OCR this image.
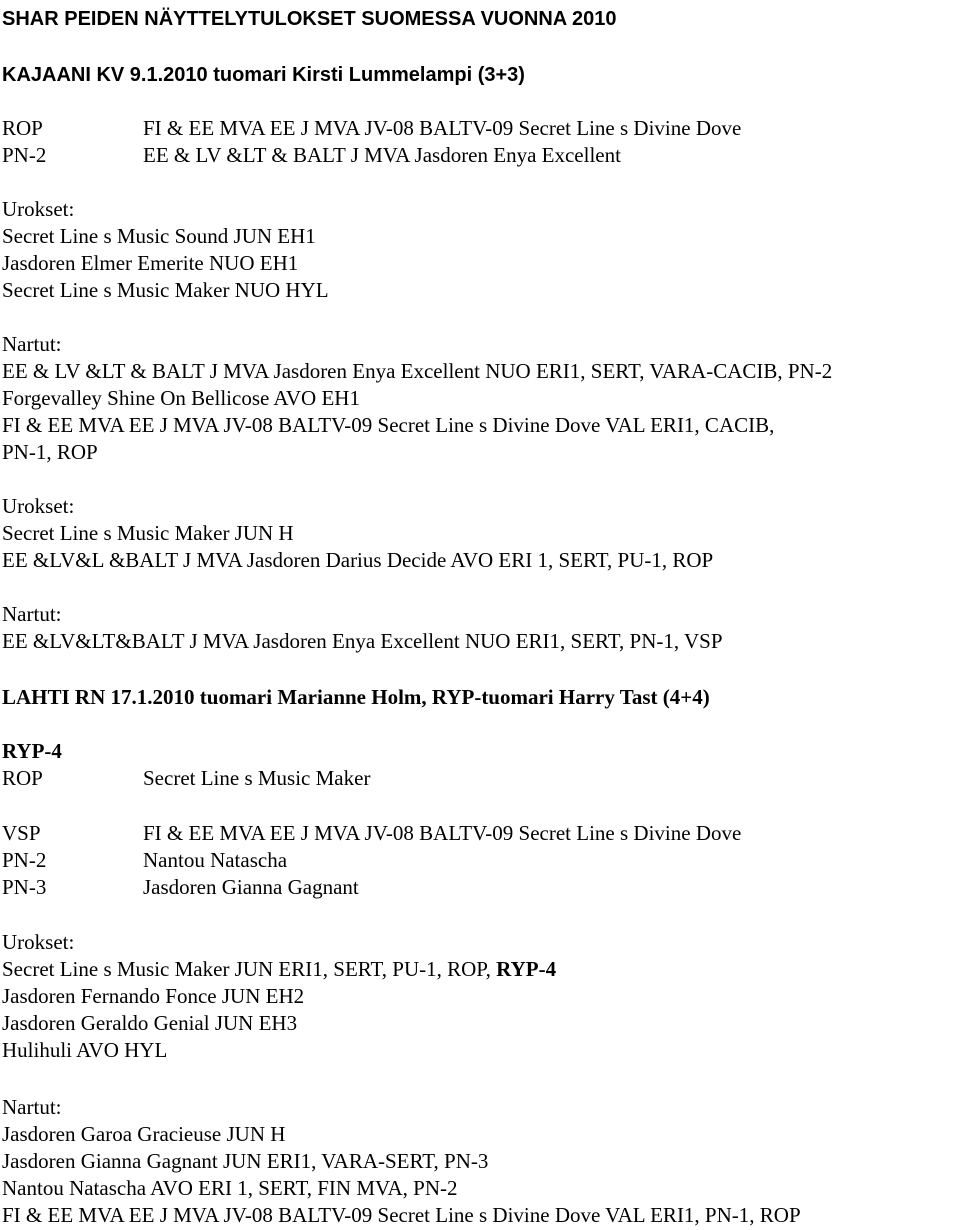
SHAR PEIDEN NÄYTTELYTULOKSET SUOMESSA VUONNA 2010
KAJAANI KV 9.1.2010 tuomari Kirsti Lummelampi (3+3)
ROP	FI & EE MVA EE J MVA JV-08 BALTV-09 Secret Line s Divine Dove
PN-2	EE & LV &LT & BALT J MVA Jasdoren Enya Excellent
Urokset:
Secret Line s Music Sound JUN EH1
Jasdoren Elmer Emerite NUO EH1
Secret Line s Music Maker NUO HYL
Nartut:
EE & LV &LT & BALT J MVA Jasdoren Enya Excellent NUO ERI1, SERT, VARA-CACIB, PN-2
Forgevalley Shine On Bellicose AVO EH1
FI & EE MVA EE J MVA JV-08 BALTV-09 Secret Line s Divine Dove VAL ERI1, CACIB,
PN-1, ROP
Urokset:
Secret Line s Music Maker JUN H
EE &LV&L &BALT J MVA Jasdoren Darius Decide AVO ERI 1, SERT, PU-1, ROP
Nartut:
EE &LV&LT&BALT J MVA Jasdoren Enya Excellent NUO ERI1, SERT, PN-1, VSP
LAHTI RN 17.1.2010 tuomari Marianne Holm, RYP-tuomari Harry Tast (4+4)
RYP-4
ROP	Secret Line s Music Maker
VSP	FI & EE MVA EE J MVA JV-08 BALTV-09 Secret Line s Divine Dove
PN-2	Nantou Natascha
PN-3	Jasdoren Gianna Gagnant
Urokset:
Secret Line s Music Maker JUN ERI1, SERT, PU-1, ROP, RYP-4
Jasdoren Fernando Fonce JUN EH2
Jasdoren Geraldo Genial JUN EH3
Hulihuli AVO HYL
Nartut:
Jasdoren Garoa Gracieuse JUN H
Jasdoren Gianna Gagnant JUN ERI1, VARA-SERT, PN-3
Nantou Natascha AVO ERI 1, SERT, FIN MVA, PN-2
FI & EE MVA EE J MVA JV-08 BALTV-09 Secret Line s Divine Dove VAL ERI1, PN-1, ROP
